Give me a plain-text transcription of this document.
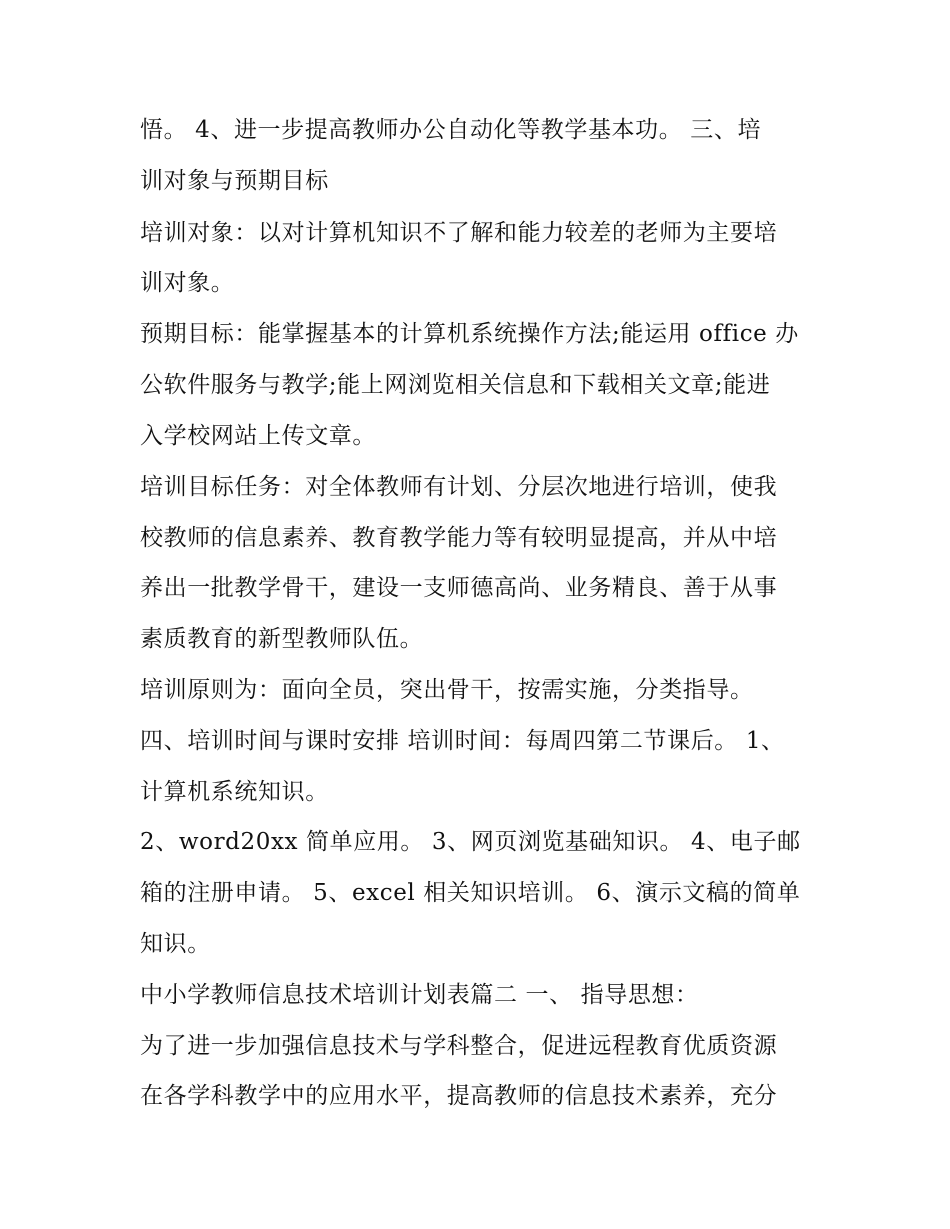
悟。 4、进一步提高教师办公自动化等教学基本功。 三、培

训对象与预期目标

培训对象：以对计算机知识不了解和能力较差的老师为主要培

训对象。

预期目标：能掌握基本的计算机系统操作方法;能运用 office 办

公软件服务与教学;能上网浏览相关信息和下载相关文章;能进

入学校网站上传文章。

培训目标任务：对全体教师有计划、分层次地进行培训，使我

校教师的信息素养、教育教学能力等有较明显提高，并从中培

养出一批教学骨干，建设一支师德高尚、业务精良、善于从事

素质教育的新型教师队伍。

培训原则为：面向全员，突出骨干，按需实施，分类指导。

四、培训时间与课时安排 培训时间：每周四第二节课后。 1、

计算机系统知识。

2、word20xx 简单应用。 3、网页浏览基础知识。 4、电子邮

箱的注册申请。 5、excel 相关知识培训。 6、演示文稿的简单

知识。

中小学教师信息技术培训计划表篇二 一、 指导思想：

为了进一步加强信息技术与学科整合，促进远程教育优质资源

在各学科教学中的应用水平，提高教师的信息技术素养，充分
